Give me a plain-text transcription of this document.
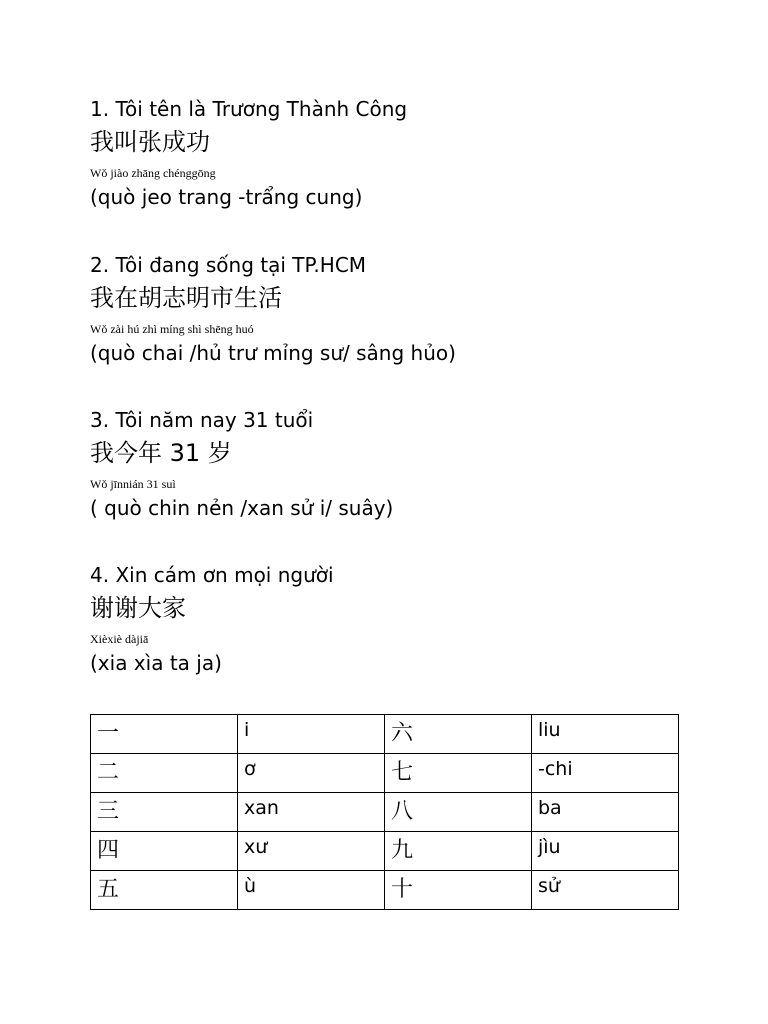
1. Tôi tên là Trương Thành Công
我叫张成功
Wǒ jiào zhāng chénggōng
(quò jeo trang -trẩng cung)
2. Tôi đang sống tại TP.HCM
我在胡志明市生活
Wǒ zài hú zhì míng shì shēng huó
(quò chai /hủ trư mỉng sư/ sâng hủo)
3. Tôi năm nay 31 tuổi
我今年 31 岁
Wǒ jīnnián 31 suì
( quò chin nẻn /xan sử i/ suây)
4. Xin cám ơn mọi người
谢谢大家
Xièxiè dàjiā
(xia xìa ta ja)
一	i	六	liu
二	ơ	七	-chi
三	xan	八	ba
四	xư	九	jìu
五	ù	十	sử
